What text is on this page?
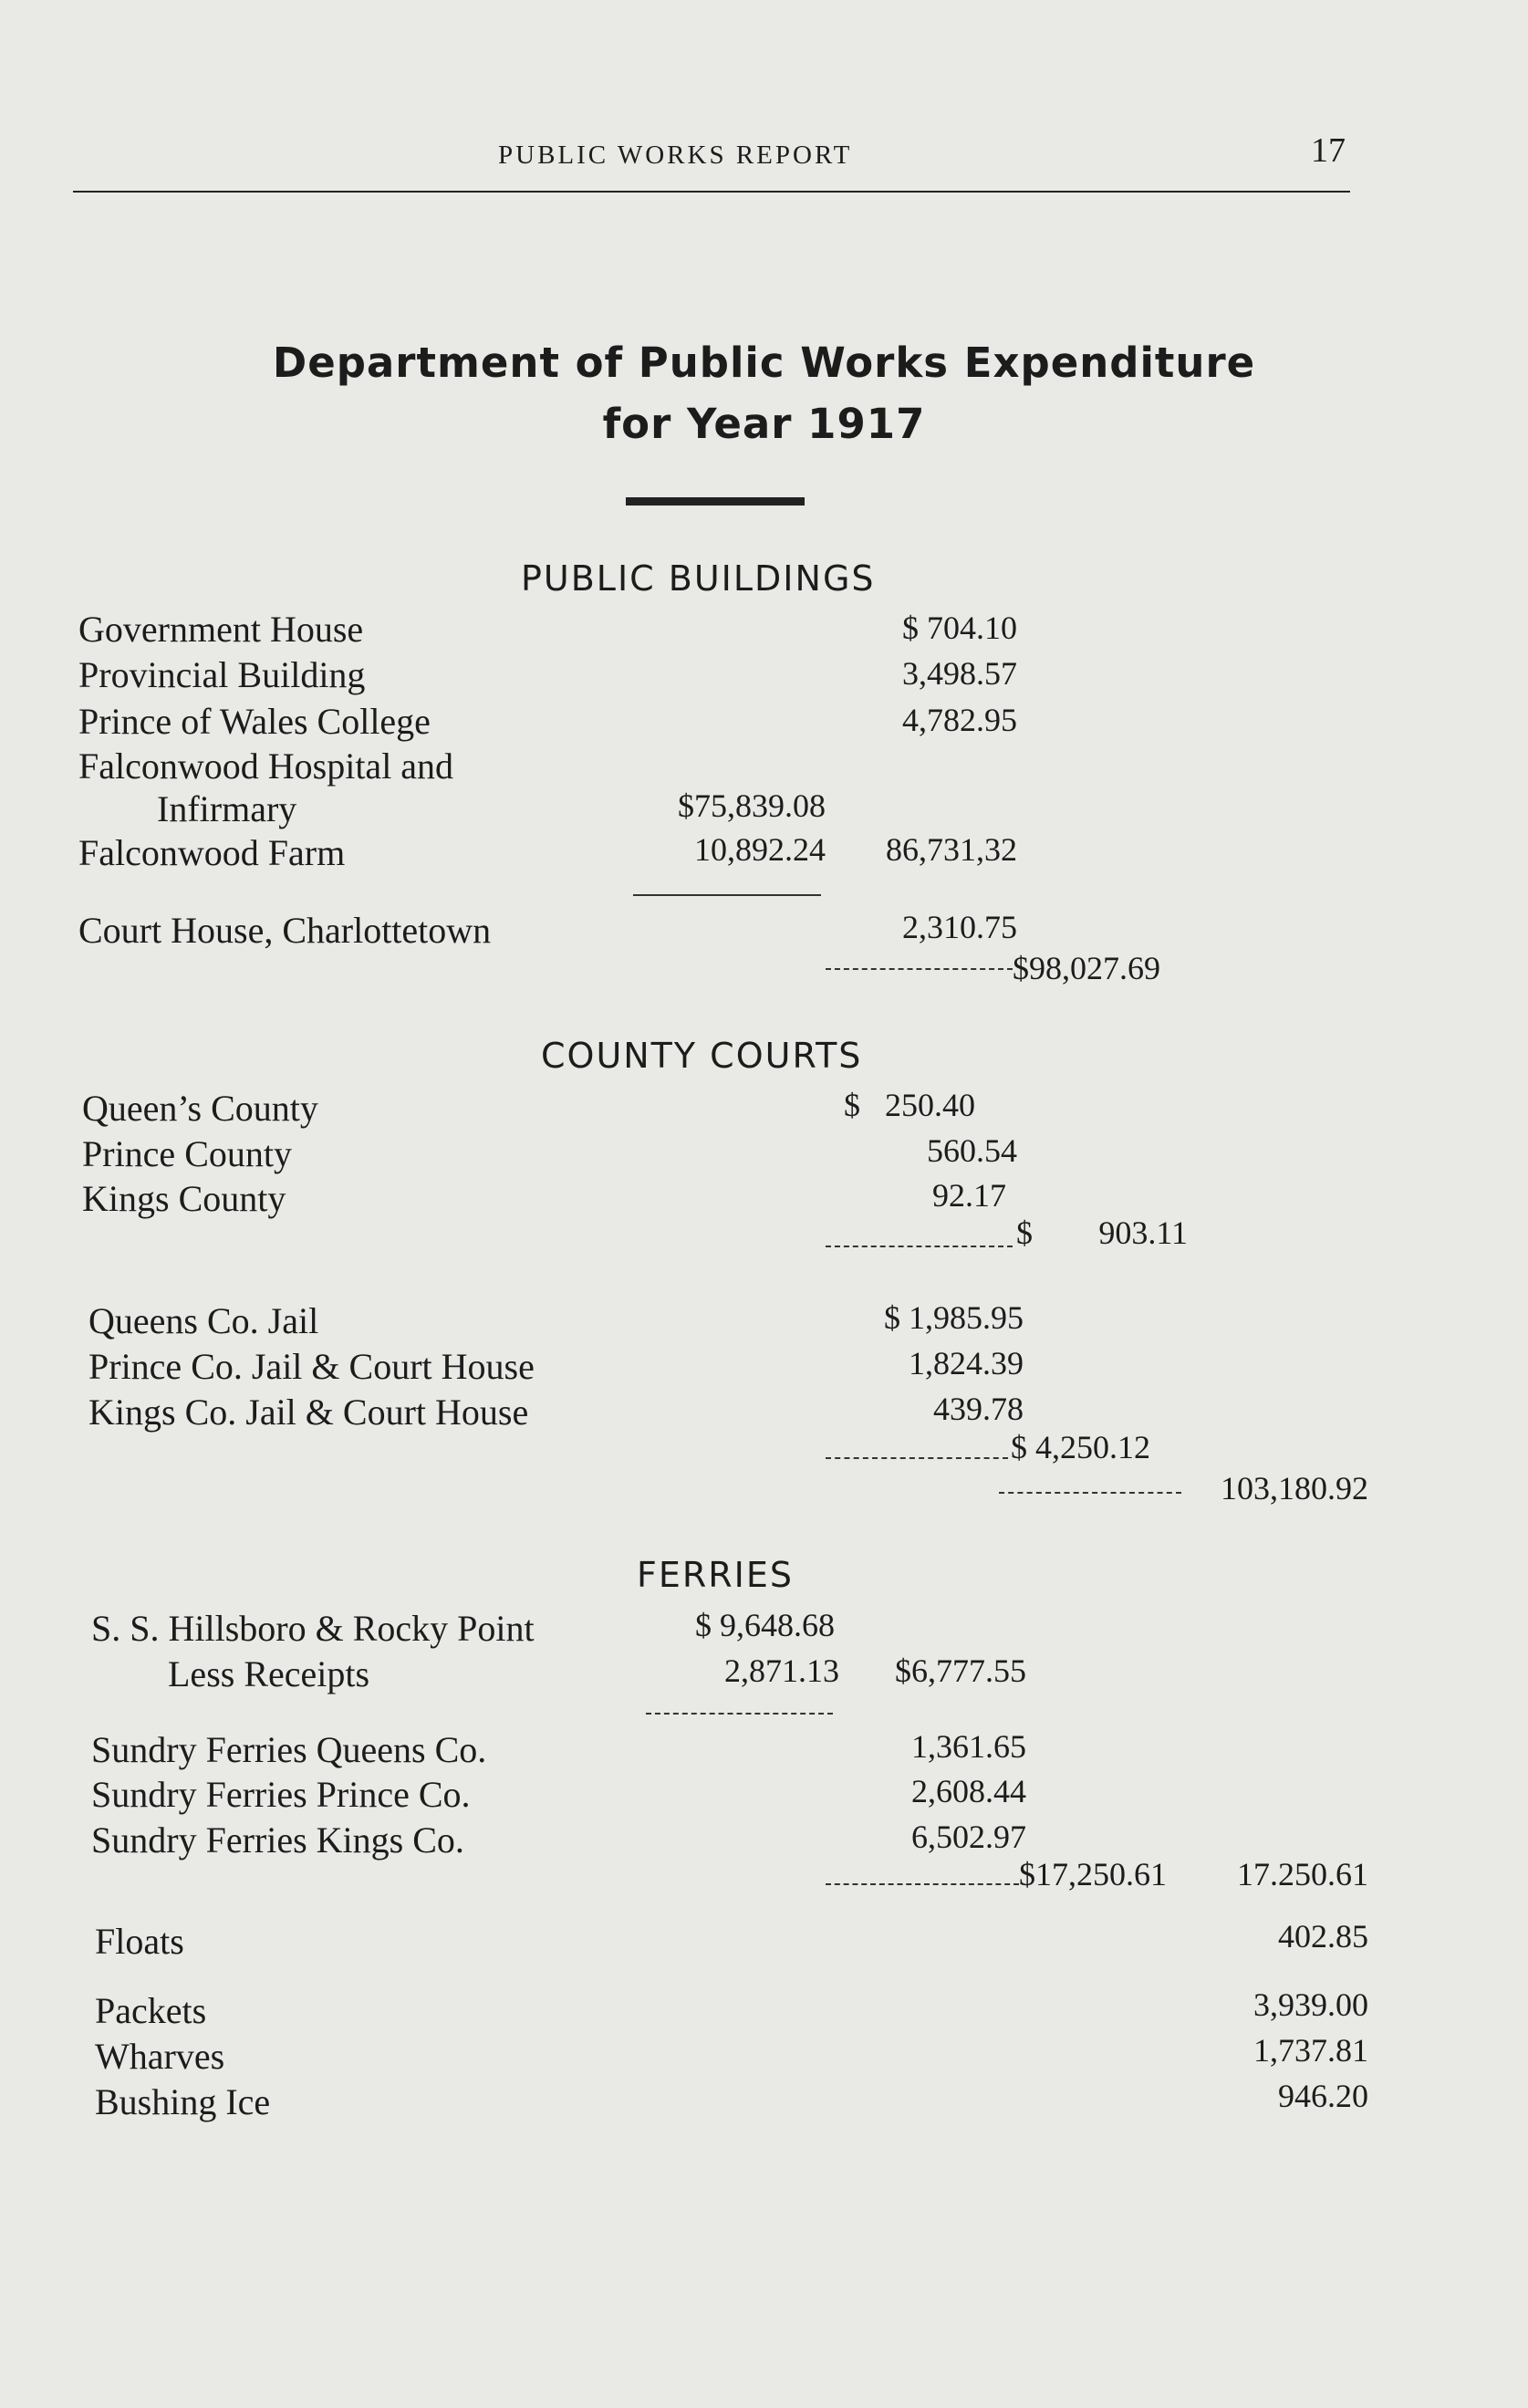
PUBLIC WORKS REPORT	17
Department of Public Works Expenditure
for Year 1917
PUBLIC BUILDINGS
Government House	$ 704.10
Provincial Building	3,498.57
Prince of Wales College	4,782.95
Falconwood Hospital and
Infirmary	$75,839.08
Falconwood Farm	10,892.24	86,731,32
Court House, Charlottetown	2,310.75
$98,027.69
COUNTY COURTS
Queen’s County	$   250.40
Prince County	560.54
Kings County	92.17
$	903.11
Queens Co. Jail	$ 1,985.95
Prince Co. Jail & Court House	1,824.39
Kings Co. Jail & Court House	439.78
$ 4,250.12
103,180.92
FERRIES
S. S. Hillsboro & Rocky Point	$ 9,648.68
Less Receipts	2,871.13	$6,777.55
Sundry Ferries Queens Co.	1,361.65
Sundry Ferries Prince Co.	2,608.44
Sundry Ferries Kings Co.	6,502.97
$17,250.61	17.250.61
Floats	402.85
Packets	3,939.00
Wharves	1,737.81
Bushing Ice	946.20
